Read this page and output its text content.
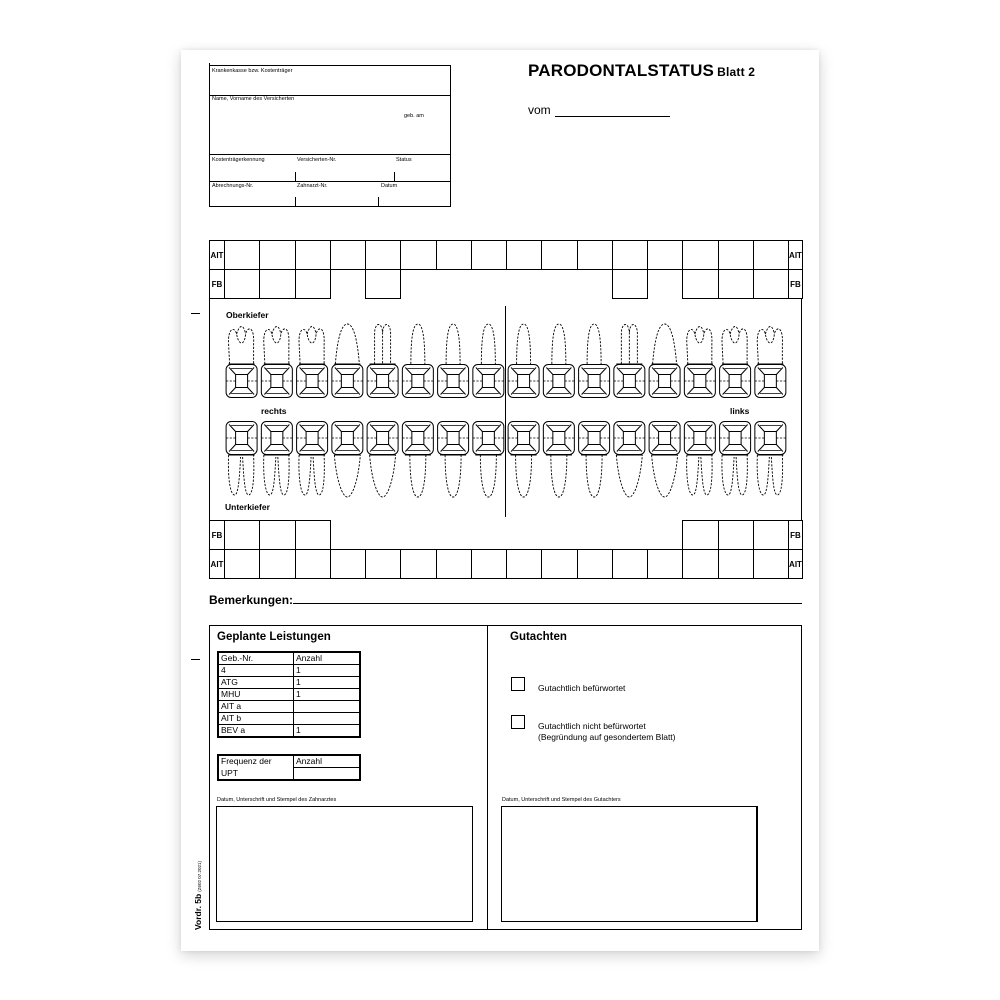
Krankenkasse bzw. Kostenträger
Name, Vorname des Versicherten
geb. am
Kostenträgerkennung	Versicherten-Nr.	Status
Abrechnungs-Nr.	Zahnarzt-Nr.	Datum
PARODONTALSTATUS Blatt 2
vom
AIT	AIT
FB	FB
FB	FB
AIT	AIT
Oberkiefer
rechts	links
Unterkiefer
Bemerkungen:
Geplante Leistungen
Geb.-Nr.	Anzahl
4	1
ATG	1
MHU	1
AIT a	
AIT b	
BEV a	1
Frequenz der	Anzahl
UPT	
Datum, Unterschrift und Stempel des Zahnarztes
Gutachten
Gutachtlich befürwortet
Gutachtlich nicht befürwortet
(Begründung auf gesondertem Blatt)
Datum, Unterschrift und Stempel des Gutachters
Vordr. 5b(Z602 07.2021)
